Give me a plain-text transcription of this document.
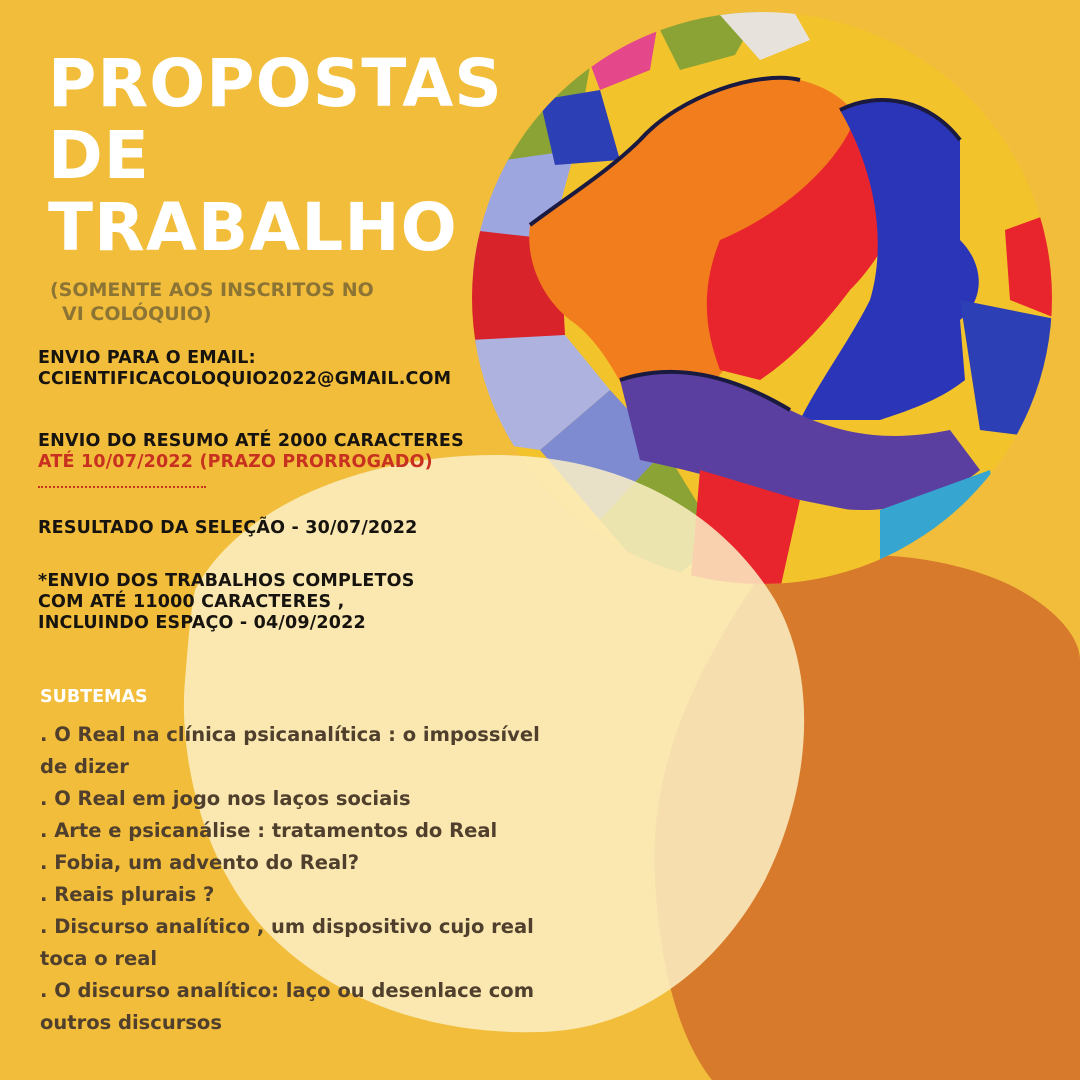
PROPOSTAS
DE
TRABALHO
(SOMENTE AOS INSCRITOS NO
VI COLÓQUIO)
ENVIO PARA O EMAIL:
CCIENTIFICACOLOQUIO2022@GMAIL.COM
ENVIO DO RESUMO ATÉ 2000 CARACTERES
ATÉ 10/07/2022 (PRAZO PRORROGADO)
RESULTADO DA SELEÇÃO - 30/07/2022
*ENVIO DOS TRABALHOS COMPLETOS
COM ATÉ 11000 CARACTERES ,
INCLUINDO ESPAÇO - 04/09/2022
SUBTEMAS
. O Real na clínica psicanalítica : o impossível de dizer
. O Real em jogo nos laços sociais
. Arte e psicanálise : tratamentos do Real
. Fobia, um advento do Real?
. Reais plurais ?
. Discurso analítico , um dispositivo cujo real toca o real
. O discurso analítico: laço ou desenlace com outros discursos
